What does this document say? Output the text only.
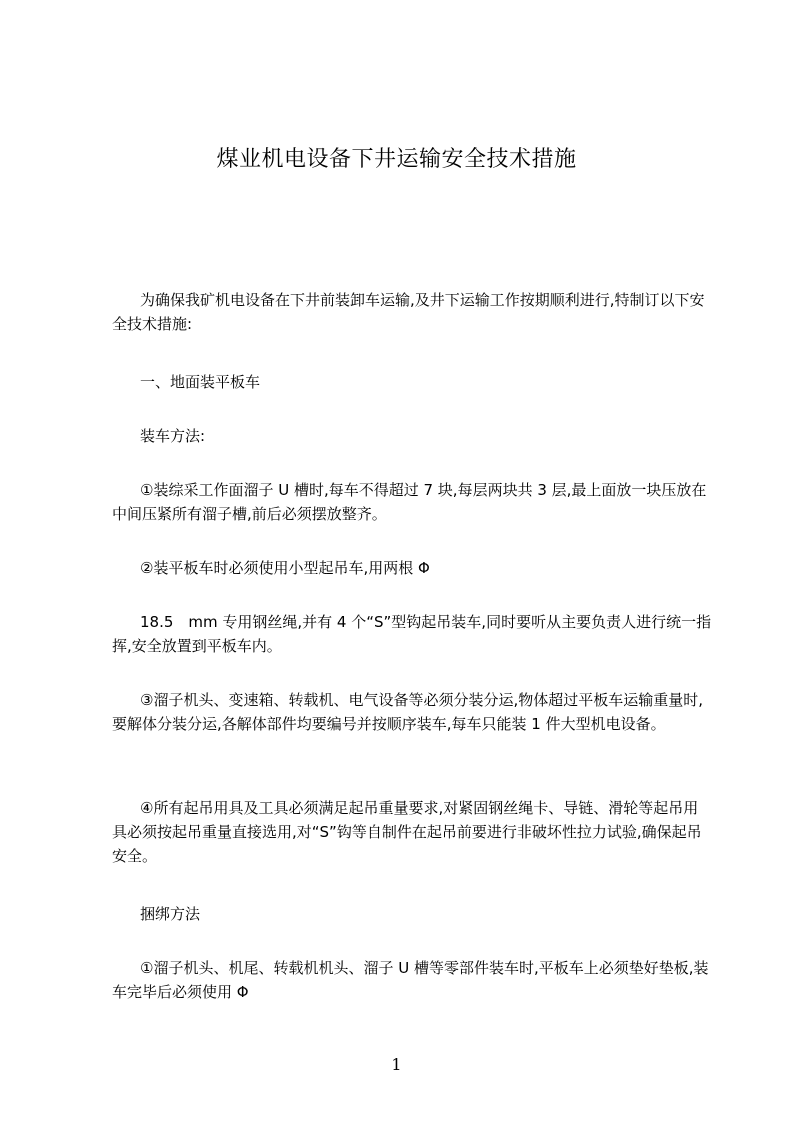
煤业机电设备下井运输安全技术措施
为确保我矿机电设备在下井前装卸车运输,及井下运输工作按期顺利进行,特制订以下安全技术措施:
一、地面装平板车
装车方法:
①装综采工作面溜子 U 槽时,每车不得超过 7 块,每层两块共 3 层,最上面放一块压放在中间压紧所有溜子槽,前后必须摆放整齐。
②装平板车时必须使用小型起吊车,用两根 Φ
18.5　mm 专用钢丝绳,并有 4 个“S”型钩起吊装车,同时要听从主要负责人进行统一指挥,安全放置到平板车内。
③溜子机头、变速箱、转载机、电气设备等必须分装分运,物体超过平板车运输重量时,要解体分装分运,各解体部件均要编号并按顺序装车,每车只能装 1 件大型机电设备。
④所有起吊用具及工具必须满足起吊重量要求,对紧固钢丝绳卡、导链、滑轮等起吊用具必须按起吊重量直接选用,对“S”钩等自制件在起吊前要进行非破坏性拉力试验,确保起吊安全。
捆绑方法
①溜子机头、机尾、转载机机头、溜子 U 槽等零部件装车时,平板车上必须垫好垫板,装车完毕后必须使用 Φ
1
